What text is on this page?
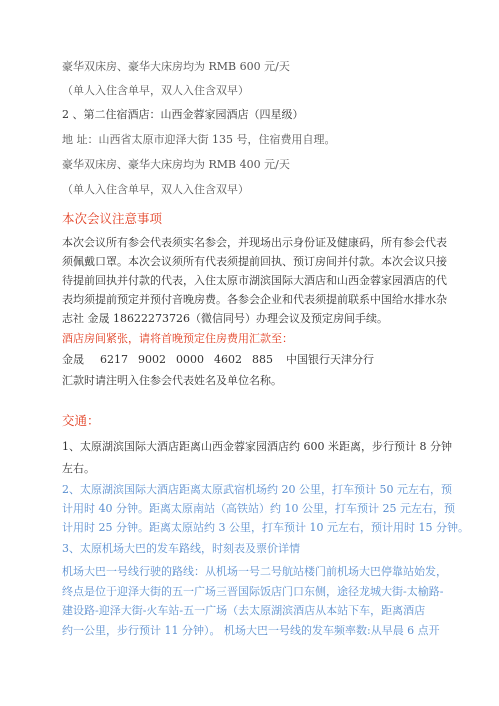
豪华双床房、豪华大床房均为 RMB 600 元/天
（单人入住含单早，双人入住含双早）
2 、第二住宿酒店：山西金蓉家园酒店（四星级）
地 址：山西省太原市迎泽大街 135 号，住宿费用自理。
豪华双床房、豪华大床房均为 RMB 400 元/天
（单人入住含单早，双人入住含双早）
本次会议注意事项
本次会议所有参会代表须实名参会，并现场出示身份证及健康码，所有参会代表
须佩戴口罩。本次会议须所有代表须提前回执、预订房间并付款。本次会议只接
待提前回执并付款的代表，入住太原市湖滨国际大酒店和山西金蓉家园酒店的代
表均须提前预定并预付音晚房费。各参会企业和代表须提前联系中国给水排水杂
志社 金晟 18622273726（微信同号）办理会议及预定房间手续。
酒店房间紧张，请将首晚预定住房费用汇款至：
金晟 6217 9002 0000 4602 885 中国银行天津分行
汇款时请注明入住参会代表姓名及单位名称。
交通：
1、太原湖滨国际大酒店距离山西金蓉家园酒店约 600 米距离，步行预计 8 分钟
左右。
2、太原湖滨国际大酒店距离太原武宿机场约 20 公里，打车预计 50 元左右，预
计用时 40 分钟。距离太原南站（高铁站）约 10 公里，打车预计 25 元左右，预
计用时 25 分钟。距离太原站约 3 公里，打车预计 10 元左右，预计用时 15 分钟。
3、太原机场大巴的发车路线，时刻表及票价详情
机场大巴一号线行驶的路线：从机场一号二号航站楼门前机场大巴停靠站始发，
终点是位于迎泽大街的五一广场三晋国际饭店门口东侧，途径龙城大街-太榆路-
建设路-迎泽大街-火车站-五一广场（去太原湖滨酒店从本站下车，距离酒店
约一公里，步行预计 11 分钟）。 机场大巴一号线的发车频率数:从早晨 6 点开
